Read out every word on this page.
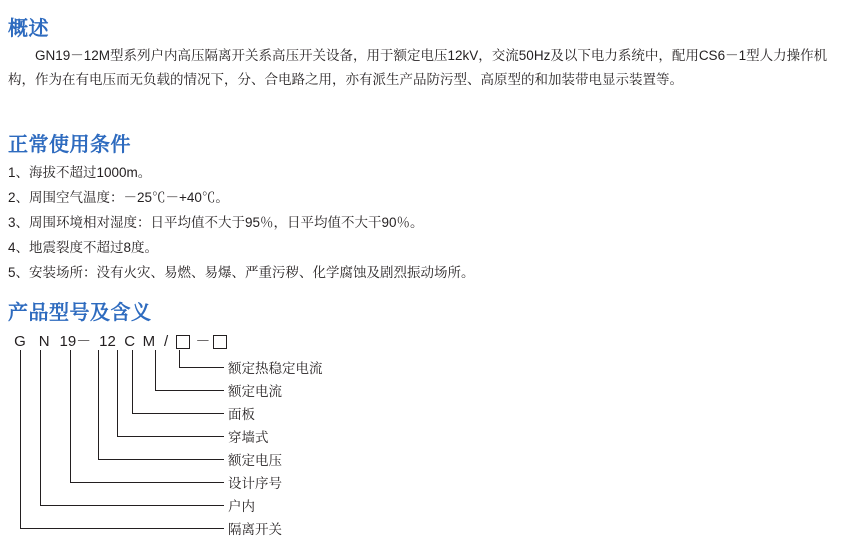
概述
GN19－12M型系列户内高压隔离开关系高压开关设备，用于额定电压12kV，交流50Hz及以下电力系统中，配用CS6－1型人力操作机构，作为在有电压而无负载的情况下，分、合电路之用，亦有派生产品防污型、高原型的和加装带电显示装置等。
正常使用条件
1、海拔不超过1000m。
2、周围空气温度：－25℃－+40℃。
3、周围环境相对湿度：日平均值不大于95％，日平均值不大干90％。
4、地震裂度不超过8度。
5、安装场所：没有火灾、易燃、易爆、严重污秽、化学腐蚀及剧烈振动场所。
产品型号及含义
G N 19－ 12 C M / －
额定热稳定电流
额定电流
面板
穿墙式
额定电压
设计序号
户内
隔离开关
